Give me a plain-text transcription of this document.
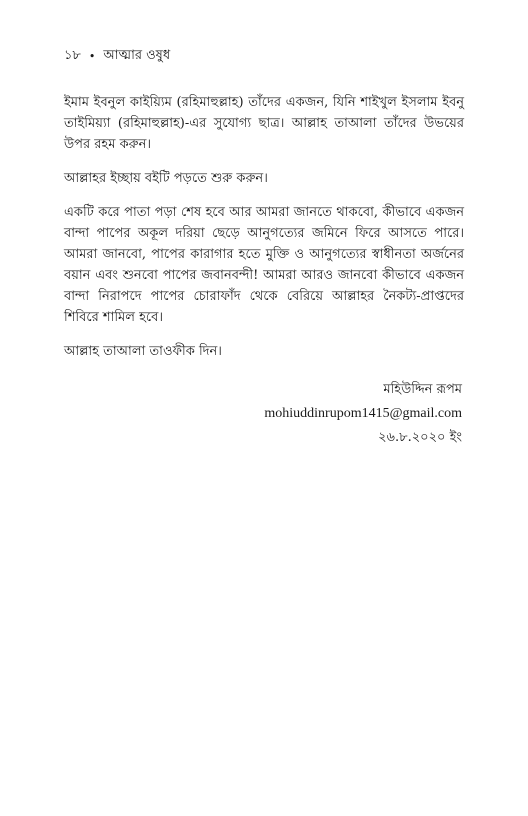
১৮ • আত্মার ওষুধ

ইমাম ইবনুল কাইয়্যিম (রহিমাহুল্লাহ) তাঁদের একজন, যিনি শাইখুল ইসলাম ইবনু তাইমিয়্যা (রহিমাহুল্লাহ)-এর সুযোগ্য ছাত্র। আল্লাহ তাআলা তাঁদের উভয়ের উপর রহম করুন।

আল্লাহর ইচ্ছায় বইটি পড়তে শুরু করুন।

একটি করে পাতা পড়া শেষ হবে আর আমরা জানতে থাকবো, কীভাবে একজন বান্দা পাপের অকূল দরিয়া ছেড়ে আনুগত্যের জমিনে ফিরে আসতে পারে। আমরা জানবো, পাপের কারাগার হতে মুক্তি ও আনুগত্যের স্বাধীনতা অর্জনের বয়ান এবং শুনবো পাপের জবানবন্দী! আমরা আরও জানবো কীভাবে একজন বান্দা নিরাপদে পাপের চোরাফাঁদ থেকে বেরিয়ে আল্লাহর নৈকট্য-প্রাপ্তদের শিবিরে শামিল হবে।

আল্লাহ তাআলা তাওফীক দিন।

মহিউদ্দিন রূপম
mohiuddinrupom1415@gmail.com
২৬.৮.২০২০ ইং
